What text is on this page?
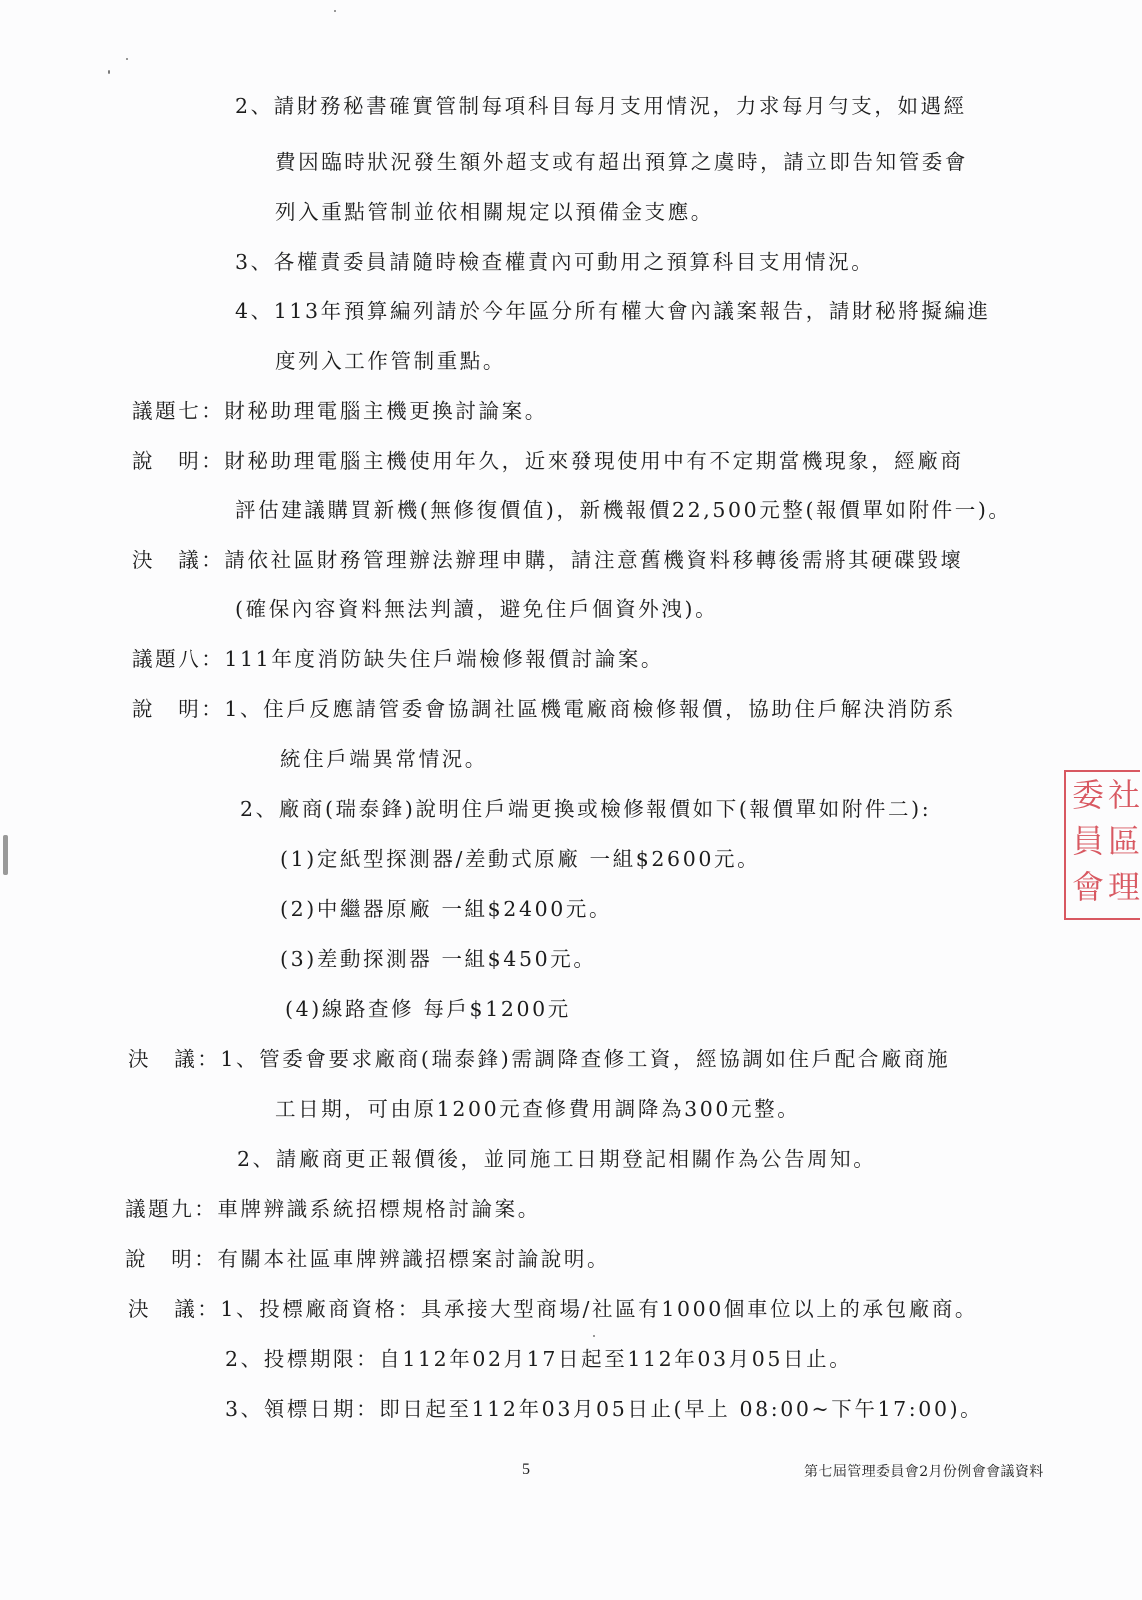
2、請財務秘書確實管制每項科目每月支用情況，力求每月勻支，如遇經
費因臨時狀況發生額外超支或有超出預算之虞時，請立即告知管委會
列入重點管制並依相關規定以預備金支應。
3、各權責委員請隨時檢查權責內可動用之預算科目支用情況。
4、113年預算編列請於今年區分所有權大會內議案報告，請財秘將擬編進
度列入工作管制重點。
議題七：財秘助理電腦主機更換討論案。
說　明：財秘助理電腦主機使用年久，近來發現使用中有不定期當機現象，經廠商
評估建議購買新機(無修復價值)，新機報價22,500元整(報價單如附件一)。
決　議：請依社區財務管理辦法辦理申購，請注意舊機資料移轉後需將其硬碟毀壞
(確保內容資料無法判讀，避免住戶個資外洩)。
議題八：111年度消防缺失住戶端檢修報價討論案。
說　明：1、住戶反應請管委會協調社區機電廠商檢修報價，協助住戶解決消防系
統住戶端異常情況。
2、廠商(瑞泰鋒)說明住戶端更換或檢修報價如下(報價單如附件二):
(1)定紙型探測器/差動式原廠 一組$2600元。
(2)中繼器原廠 一組$2400元。
(3)差動探測器 一組$450元。
(4)線路查修 每戶$1200元
決　議：1、管委會要求廠商(瑞泰鋒)需調降查修工資，經協調如住戶配合廠商施
工日期，可由原1200元查修費用調降為300元整。
2、請廠商更正報價後，並同施工日期登記相關作為公告周知。
議題九：車牌辨識系統招標規格討論案。
說　明：有關本社區車牌辨識招標案討論說明。
決　議：1、投標廠商資格：具承接大型商場/社區有1000個車位以上的承包廠商。
2、投標期限：自112年02月17日起至112年03月05日止。
3、領標日期：即日起至112年03月05日止(早上 08:00~下午17:00)。
委
員
會
社
區
理
5	第七屆管理委員會2月份例會會議資料
